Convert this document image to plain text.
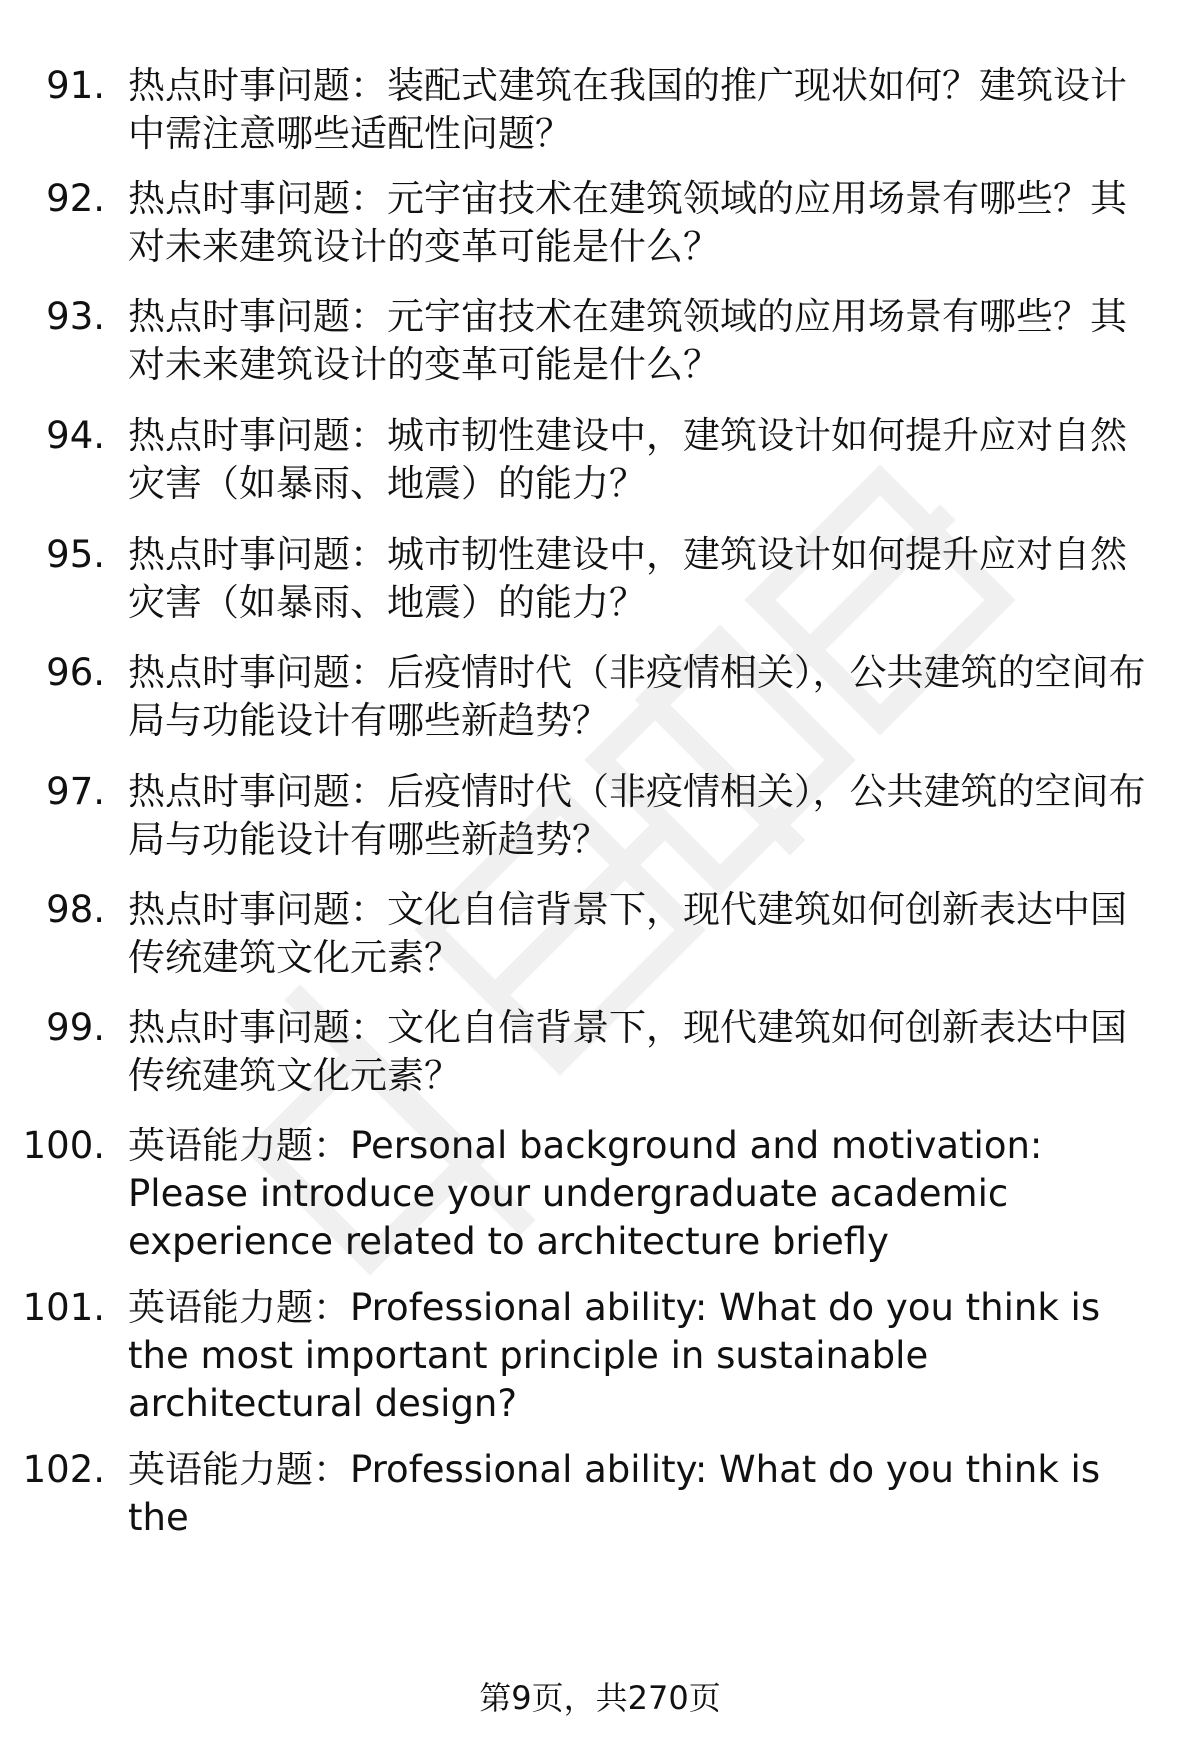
91. 热点时事问题：装配式建筑在我国的推广现状如何？建筑设计中需注意哪些适配性问题？
92. 热点时事问题：元宇宙技术在建筑领域的应用场景有哪些？其对未来建筑设计的变革可能是什么？
93. 热点时事问题：元宇宙技术在建筑领域的应用场景有哪些？其对未来建筑设计的变革可能是什么？
94. 热点时事问题：城市韧性建设中，建筑设计如何提升应对自然灾害（如暴雨、地震）的能力？
95. 热点时事问题：城市韧性建设中，建筑设计如何提升应对自然灾害（如暴雨、地震）的能力？
96. 热点时事问题：后疫情时代（非疫情相关），公共建筑的空间布局与功能设计有哪些新趋势？
97. 热点时事问题：后疫情时代（非疫情相关），公共建筑的空间布局与功能设计有哪些新趋势？
98. 热点时事问题：文化自信背景下，现代建筑如何创新表达中国传统建筑文化元素？
99. 热点时事问题：文化自信背景下，现代建筑如何创新表达中国传统建筑文化元素？
100. 英语能力题：Personal background and motivation: Please introduce your undergraduate academic experience related to architecture briefly
101. 英语能力题：Professional ability: What do you think is the most important principle in sustainable architectural design?
102. 英语能力题：Professional ability: What do you think is the
第9页，共270页
